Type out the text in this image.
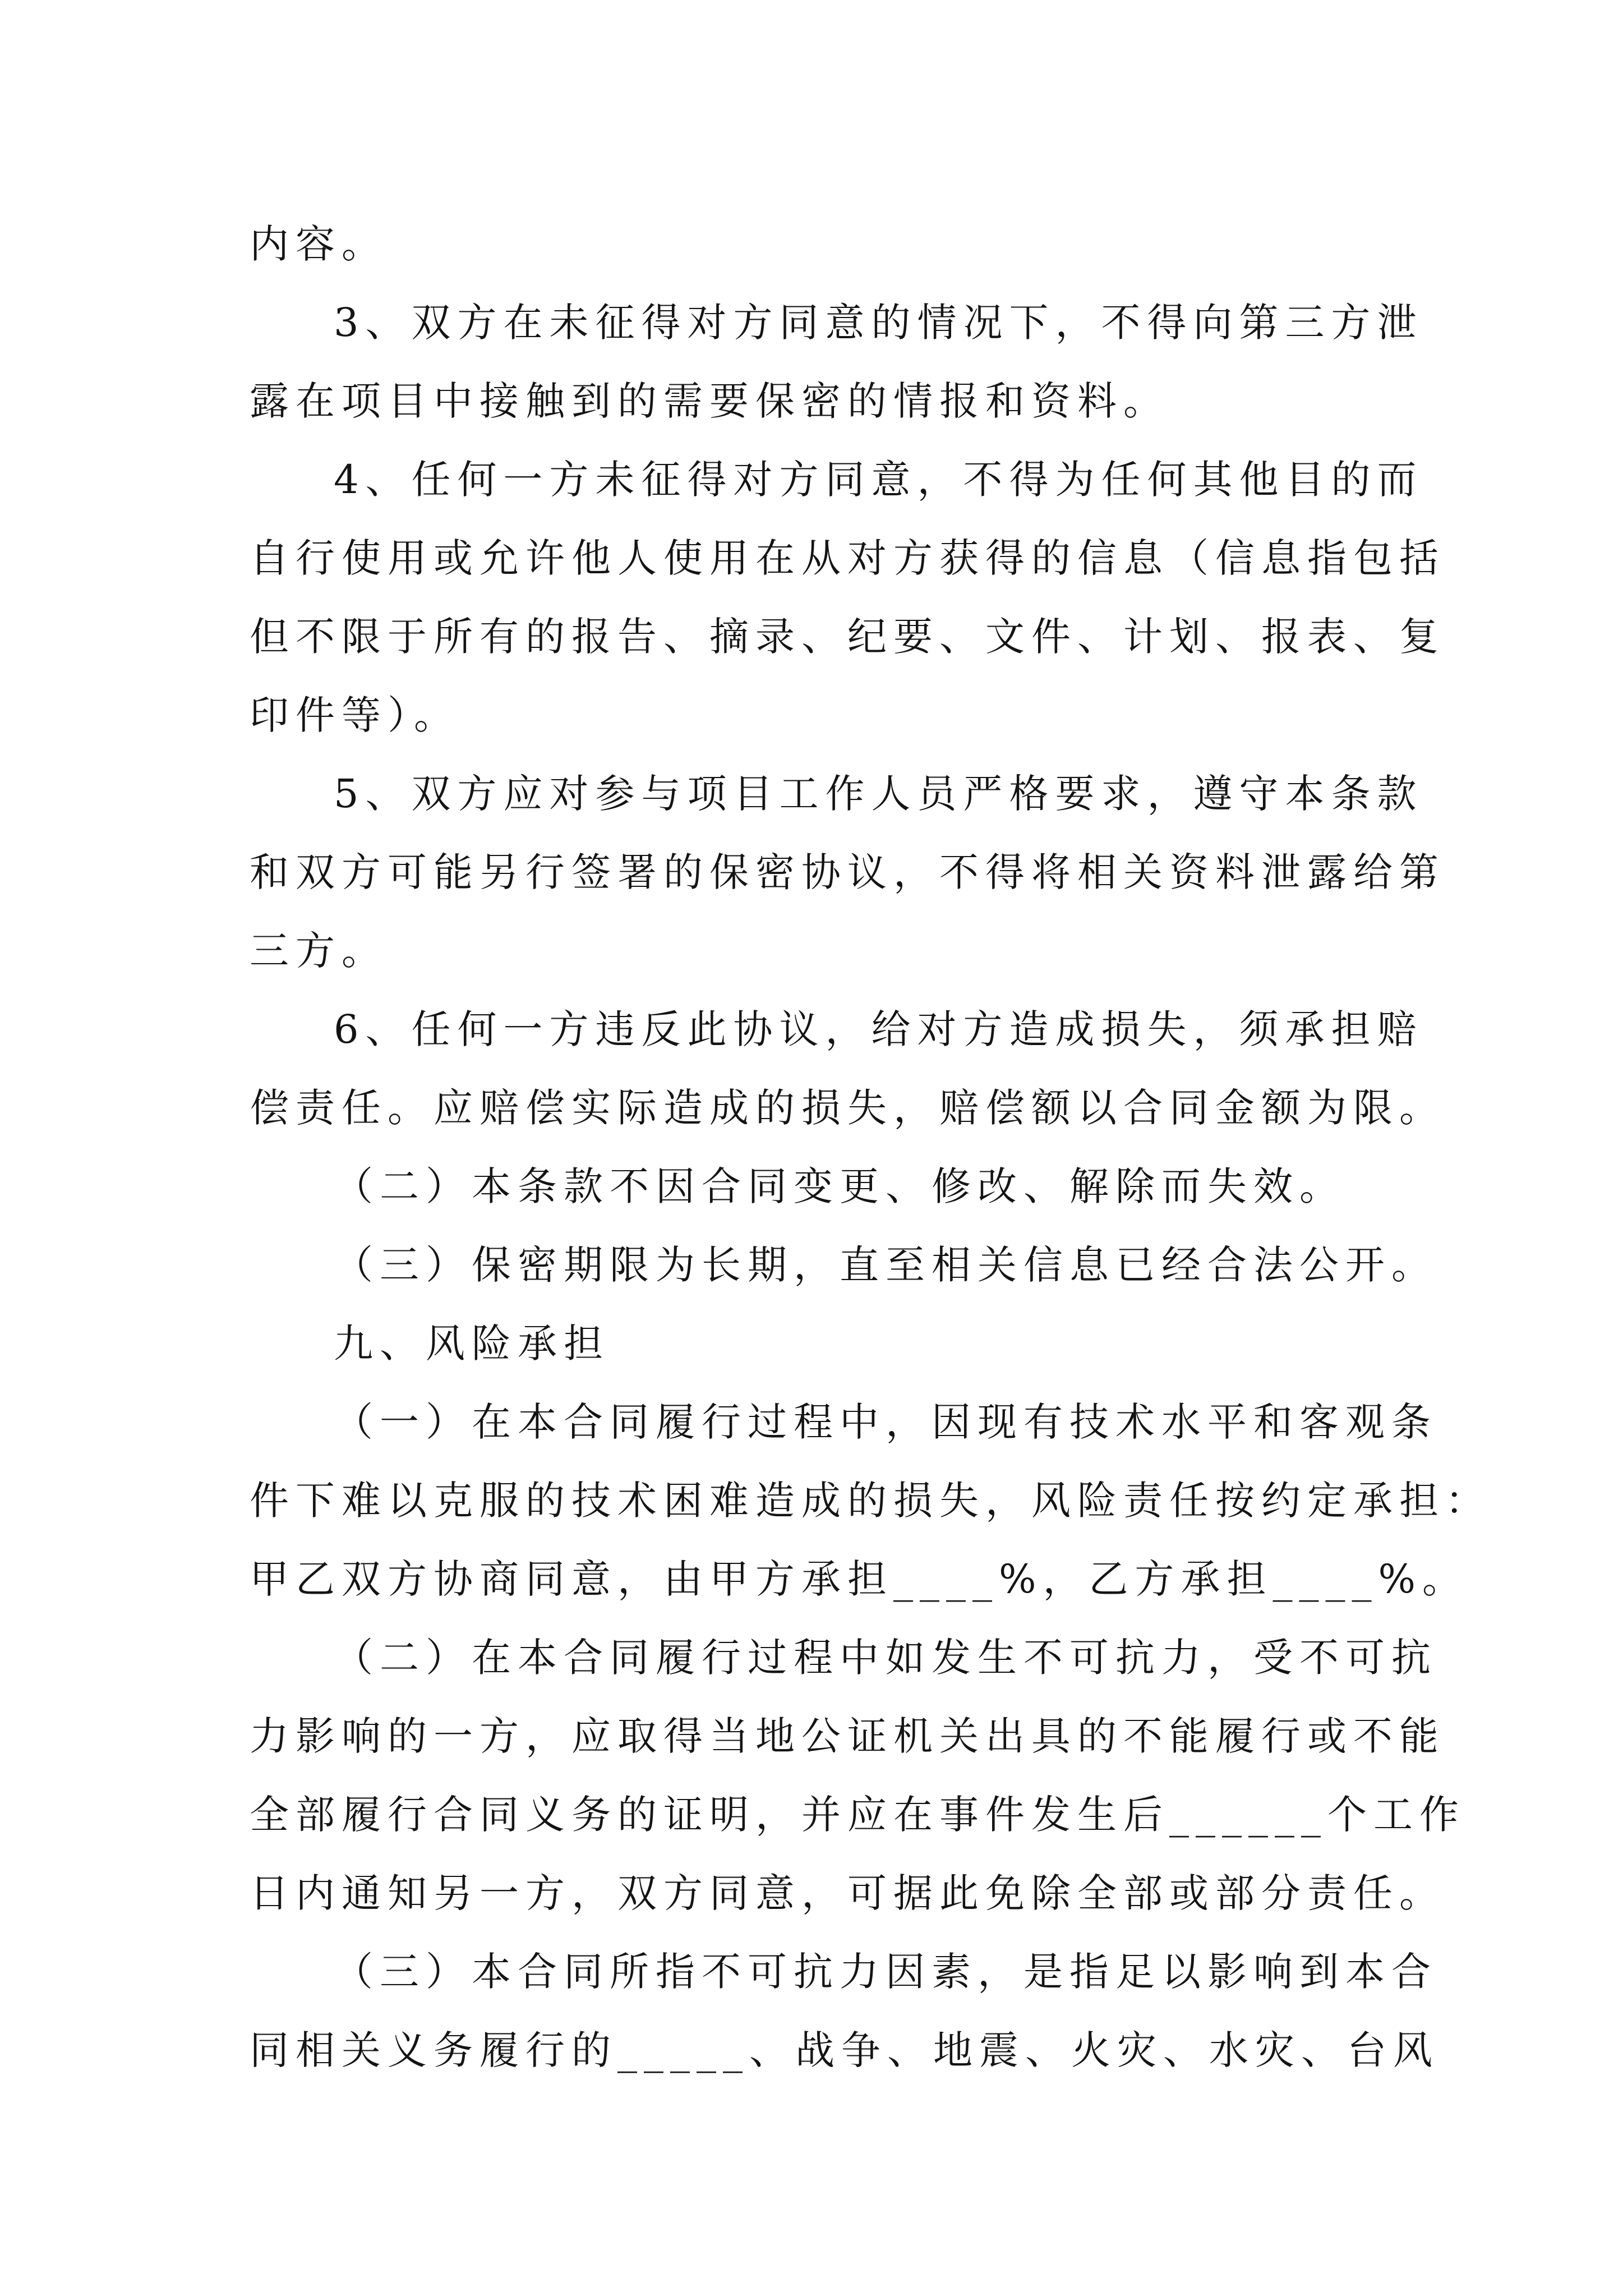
内容。
3、双方在未征得对方同意的情况下，不得向第三方泄
露在项目中接触到的需要保密的情报和资料。
4、任何一方未征得对方同意，不得为任何其他目的而
自行使用或允许他人使用在从对方获得的信息（信息指包括
但不限于所有的报告、摘录、纪要、文件、计划、报表、复
印件等）。
5、双方应对参与项目工作人员严格要求，遵守本条款
和双方可能另行签署的保密协议，不得将相关资料泄露给第
三方。
6、任何一方违反此协议，给对方造成损失，须承担赔
偿责任。应赔偿实际造成的损失，赔偿额以合同金额为限。
（二）本条款不因合同变更、修改、解除而失效。
（三）保密期限为长期，直至相关信息已经合法公开。
九、风险承担
（一）在本合同履行过程中，因现有技术水平和客观条
件下难以克服的技术困难造成的损失，风险责任按约定承担：
甲乙双方协商同意，由甲方承担____%，乙方承担____%。
（二）在本合同履行过程中如发生不可抗力，受不可抗
力影响的一方，应取得当地公证机关出具的不能履行或不能
全部履行合同义务的证明，并应在事件发生后______个工作
日内通知另一方，双方同意，可据此免除全部或部分责任。
（三）本合同所指不可抗力因素，是指足以影响到本合
同相关义务履行的_____、战争、地震、火灾、水灾、台风
